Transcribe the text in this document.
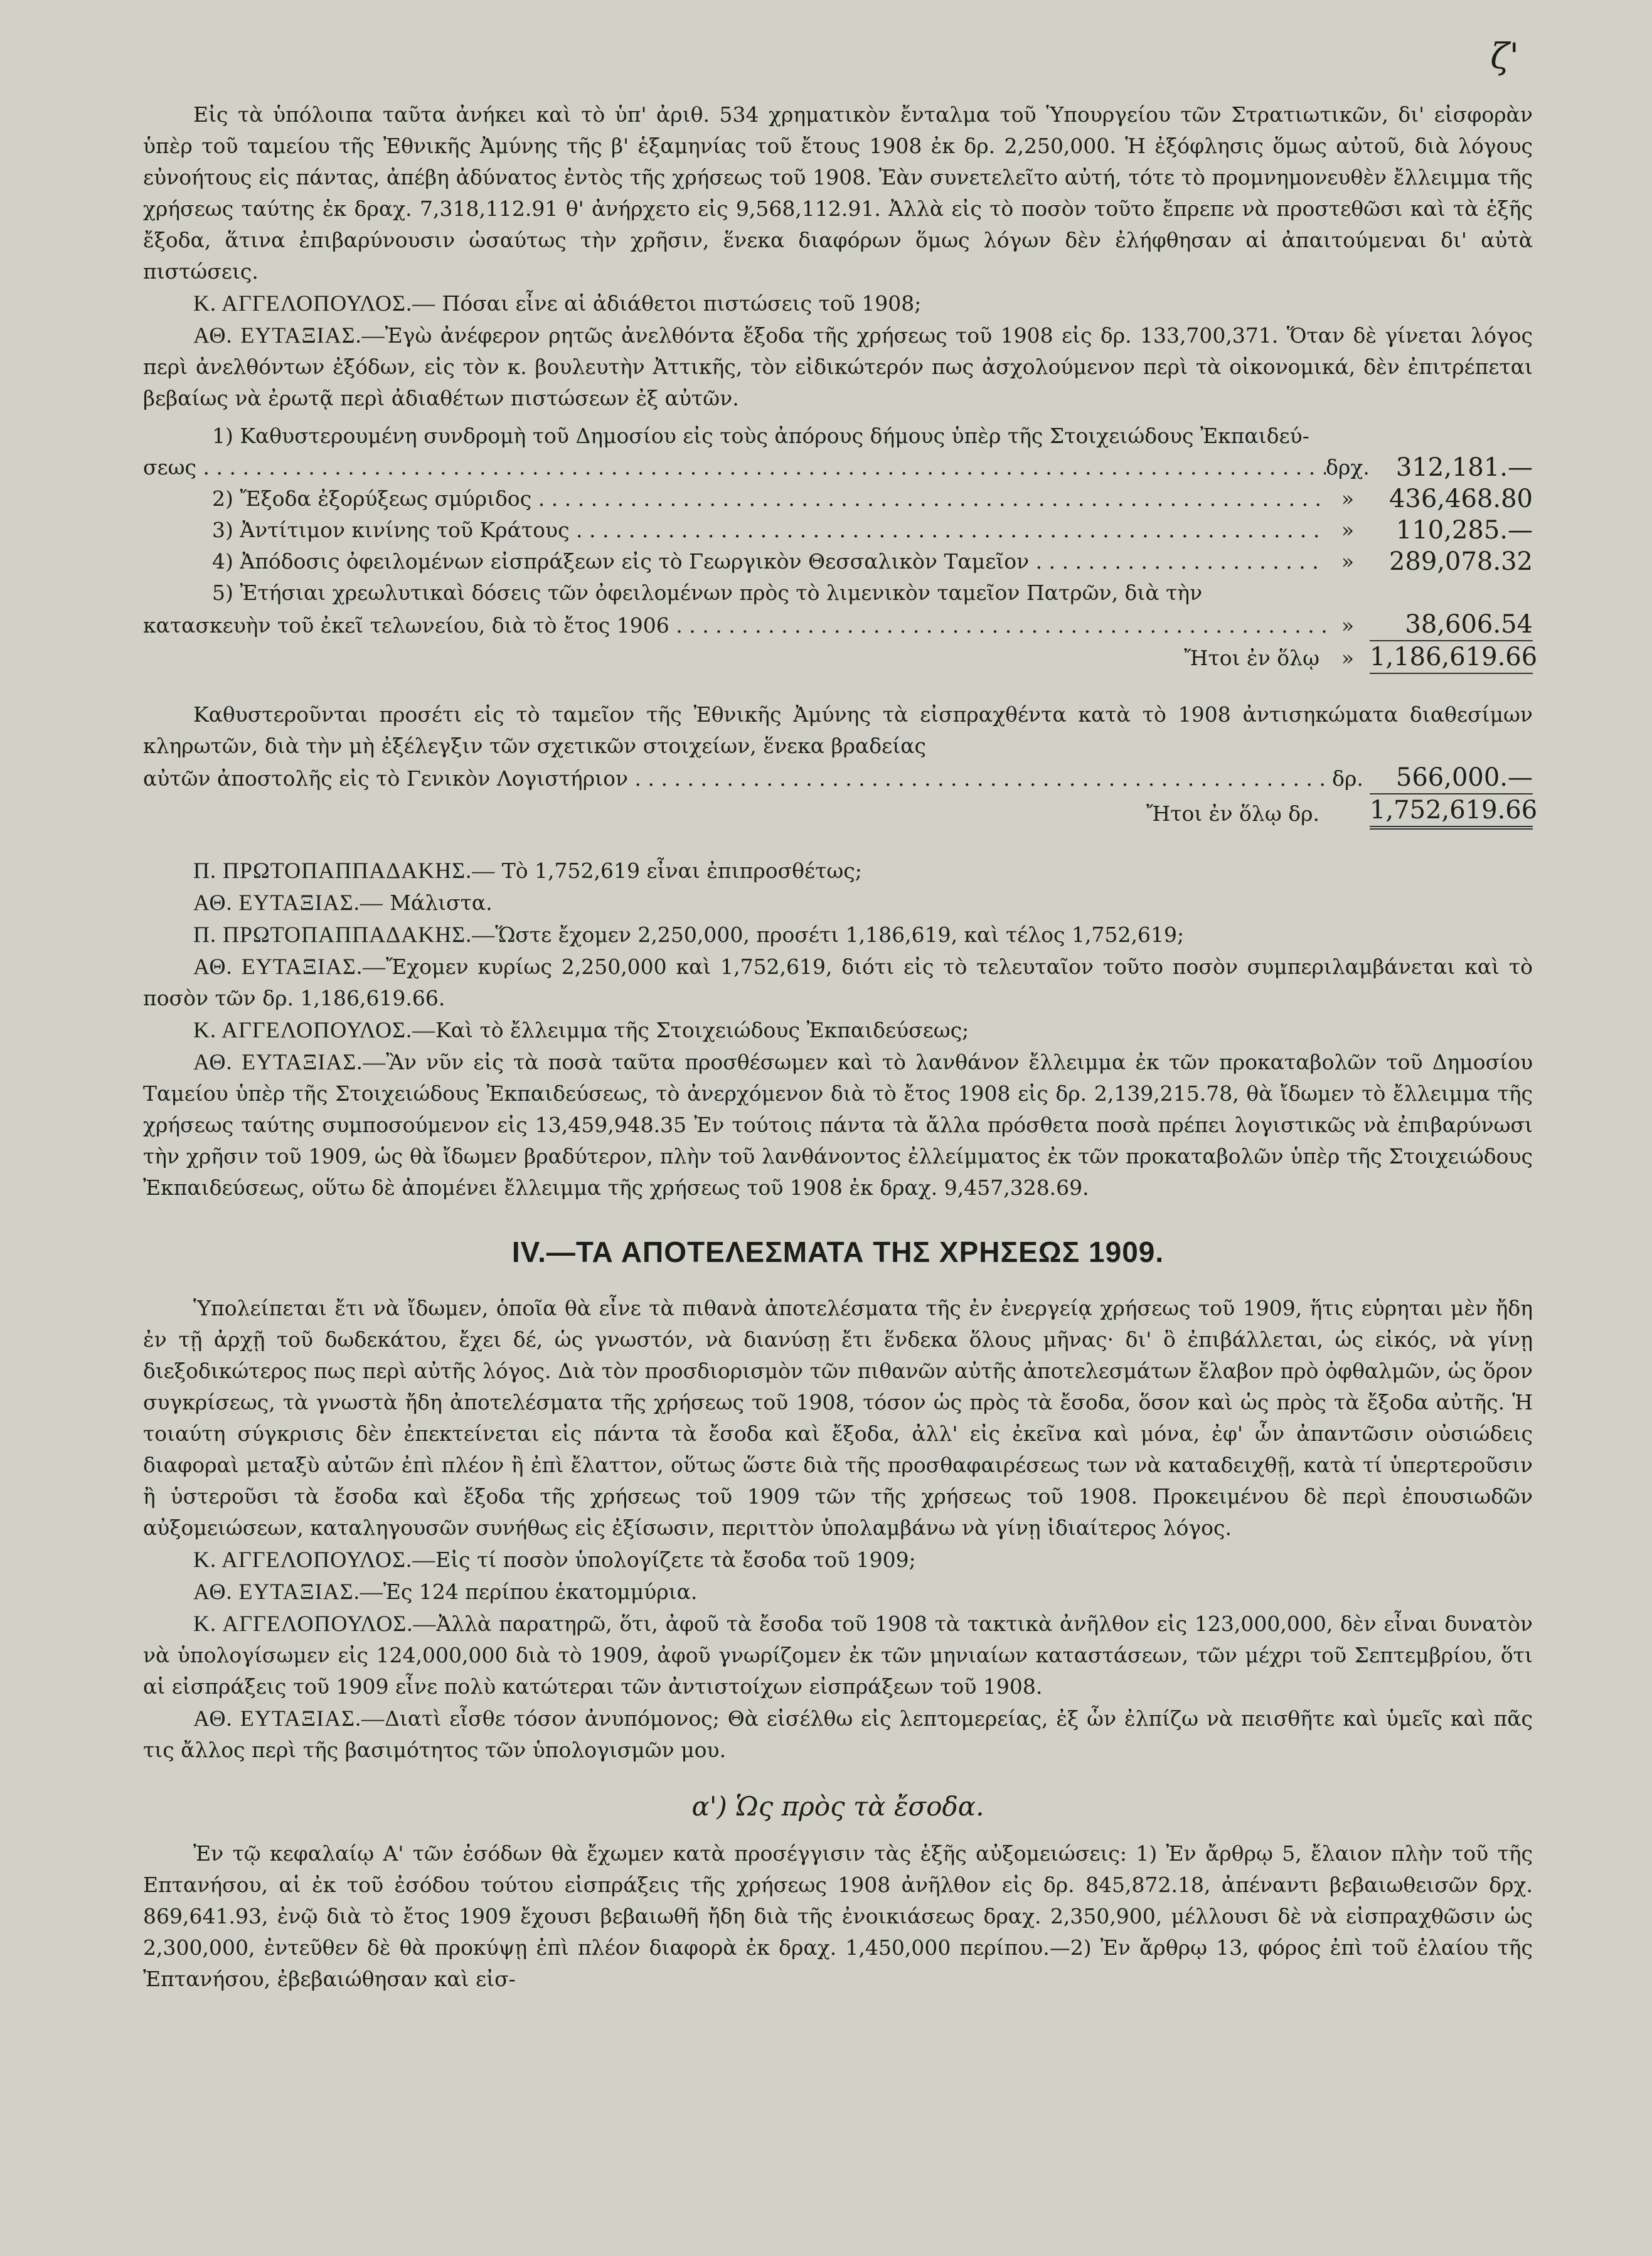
ζ'

Εἰς τὰ ὑπόλοιπα ταῦτα ἀνήκει καὶ τὸ ὑπ' ἀριθ. 534 χρηματικὸν ἔνταλμα τοῦ Ὑπουργείου τῶν Στρατιωτικῶν, δι' εἰσφορὰν ὑπὲρ τοῦ ταμείου τῆς Ἐθνικῆς Ἀμύνης τῆς β' ἑξαμηνίας τοῦ ἔτους 1908 ἐκ δρ. 2,250,000. Ἡ ἐξόφλησις ὅμως αὐτοῦ, διὰ λόγους εὐνοήτους εἰς πάντας, ἀπέβη ἀδύνατος ἐντὸς τῆς χρήσεως τοῦ 1908. Ἐὰν συνετελεῖτο αὐτή, τότε τὸ προμνημονευθὲν ἔλλειμμα τῆς χρήσεως ταύτης ἐκ δραχ. 7,318,112.91 θ' ἀνήρχετο εἰς 9,568,112.91. Ἀλλὰ εἰς τὸ ποσὸν τοῦτο ἔπρεπε νὰ προστεθῶσι καὶ τὰ ἑξῆς ἔξοδα, ἅτινα ἐπιβαρύνουσιν ὡσαύτως τὴν χρῆσιν, ἕνεκα διαφόρων ὅμως λόγων δὲν ἐλήφθησαν αἱ ἀπαιτούμεναι δι' αὐτὰ πιστώσεις.

Κ. ΑΓΓΕΛΟΠΟΥΛΟΣ.— Πόσαι εἶνε αἱ ἀδιάθετοι πιστώσεις τοῦ 1908;

ΑΘ. ΕΥΤΑΞΙΑΣ.—Ἐγὼ ἀνέφερον ρητῶς ἀνελθόντα ἔξοδα τῆς χρήσεως τοῦ 1908 εἰς δρ. 133,700,371. Ὅταν δὲ γίνεται λόγος περὶ ἀνελθόντων ἐξόδων, εἰς τὸν κ. βουλευτὴν Ἀττικῆς, τὸν εἰδικώτερόν πως ἀσχολούμενον περὶ τὰ οἰκονομικά, δὲν ἐπιτρέπεται βεβαίως νὰ ἐρωτᾷ περὶ ἀδιαθέτων πιστώσεων ἐξ αὐτῶν.

1) Καθυστερουμένη συνδρομὴ τοῦ Δημοσίου εἰς τοὺς ἀπόρους δήμους ὑπὲρ τῆς Στοιχειώδους Ἐκπαιδεύ-
σεως . . .	δρχ.	312,181.—
2) Ἔξοδα ἐξορύξεως σμύριδος . . .	»	436,468.80
3) Ἀντίτιμον κινίνης τοῦ Κράτους . . .	»	110,285.—
4) Ἀπόδοσις ὀφειλομένων εἰσπράξεων εἰς τὸ Γεωργικὸν Θεσσαλικὸν Ταμεῖον . . .	»	289,078.32
5) Ἐτήσιαι χρεωλυτικαὶ δόσεις τῶν ὀφειλομένων πρὸς τὸ λιμενικὸν ταμεῖον Πατρῶν, διὰ τὴν
κατασκευὴν τοῦ ἐκεῖ τελωνείου, διὰ τὸ ἔτος 1906 . . .	»	38,606.54
Ἤτοι ἐν ὅλῳ	» 1,186,619.66

Καθυστεροῦνται προσέτι εἰς τὸ ταμεῖον τῆς Ἐθνικῆς Ἀμύνης τὰ εἰσπραχθέντα κατὰ τὸ 1908 ἀντισηκώματα διαθεσίμων κληρωτῶν, διὰ τὴν μὴ ἐξέλεγξιν τῶν σχετικῶν στοιχείων, ἕνεκα βραδείας

αὐτῶν ἀποστολῆς εἰς τὸ Γενικὸν Λογιστήριον . . .	δρ.	566,000.—
Ἤτοι ἐν ὅλῳ δρ. 1,752,619.66

Π. ΠΡΩΤΟΠΑΠΠΑΔΑΚΗΣ.— Τὸ 1,752,619 εἶναι ἐπιπροσθέτως;

ΑΘ. ΕΥΤΑΞΙΑΣ.— Μάλιστα.

Π. ΠΡΩΤΟΠΑΠΠΑΔΑΚΗΣ.—Ὥστε ἔχομεν 2,250,000, προσέτι 1,186,619, καὶ τέλος 1,752,619;

ΑΘ. ΕΥΤΑΞΙΑΣ.—Ἔχομεν κυρίως 2,250,000 καὶ 1,752,619, διότι εἰς τὸ τελευταῖον τοῦτο ποσὸν συμπεριλαμβάνεται καὶ τὸ ποσὸν τῶν δρ. 1,186,619.66.

Κ. ΑΓΓΕΛΟΠΟΥΛΟΣ.—Καὶ τὸ ἔλλειμμα τῆς Στοιχειώδους Ἐκπαιδεύσεως;

ΑΘ. ΕΥΤΑΞΙΑΣ.—Ἂν νῦν εἰς τὰ ποσὰ ταῦτα προσθέσωμεν καὶ τὸ λανθάνον ἔλλειμμα ἐκ τῶν προκαταβολῶν τοῦ Δημοσίου Ταμείου ὑπὲρ τῆς Στοιχειώδους Ἐκπαιδεύσεως, τὸ ἀνερχόμενον διὰ τὸ ἔτος 1908 εἰς δρ. 2,139,215.78, θὰ ἴδωμεν τὸ ἔλλειμμα τῆς χρήσεως ταύτης συμποσούμενον εἰς 13,459,948.35 Ἐν τούτοις πάντα τὰ ἄλλα πρόσθετα ποσὰ πρέπει λογιστικῶς νὰ ἐπιβαρύνωσι τὴν χρῆσιν τοῦ 1909, ὡς θὰ ἴδωμεν βραδύτερον, πλὴν τοῦ λανθάνοντος ἐλλείμματος ἐκ τῶν προκαταβολῶν ὑπὲρ τῆς Στοιχειώδους Ἐκπαιδεύσεως, οὕτω δὲ ἀπομένει ἔλλειμμα τῆς χρήσεως τοῦ 1908 ἐκ δραχ. 9,457,328.69.

IV.—ΤΑ ΑΠΟΤΕΛΕΣΜΑΤΑ ΤΗΣ ΧΡΗΣΕΩΣ 1909.

Ὑπολείπεται ἔτι νὰ ἴδωμεν, ὁποῖα θὰ εἶνε τὰ πιθανὰ ἀποτελέσματα τῆς ἐν ἐνεργείᾳ χρήσεως τοῦ 1909, ἥτις εὑρηται μὲν ἤδη ἐν τῇ ἀρχῇ τοῦ δωδεκάτου, ἔχει δέ, ὡς γνωστόν, νὰ διανύσῃ ἔτι ἕνδεκα ὅλους μῆνας· δι' ὃ ἐπιβάλλεται, ὡς εἰκός, νὰ γίνῃ διεξοδικώτερος πως περὶ αὐτῆς λόγος. Διὰ τὸν προσδιορισμὸν τῶν πιθανῶν αὐτῆς ἀποτελεσμάτων ἔλαβον πρὸ ὀφθαλμῶν, ὡς ὅρον συγκρίσεως, τὰ γνωστὰ ἤδη ἀποτελέσματα τῆς χρήσεως τοῦ 1908, τόσον ὡς πρὸς τὰ ἔσοδα, ὅσον καὶ ὡς πρὸς τὰ ἔξοδα αὐτῆς. Ἡ τοιαύτη σύγκρισις δὲν ἐπεκτείνεται εἰς πάντα τὰ ἔσοδα καὶ ἔξοδα, ἀλλ' εἰς ἐκεῖνα καὶ μόνα, ἐφ' ὧν ἀπαντῶσιν οὐσιώδεις διαφοραὶ μεταξὺ αὐτῶν ἐπὶ πλέον ἢ ἐπὶ ἔλαττον, οὕτως ὥστε διὰ τῆς προσθαφαιρέσεως των νὰ καταδειχθῇ, κατὰ τί ὑπερτεροῦσιν ἢ ὑστεροῦσι τὰ ἔσοδα καὶ ἔξοδα τῆς χρήσεως τοῦ 1909 τῶν τῆς χρήσεως τοῦ 1908. Προκειμένου δὲ περὶ ἐπουσιωδῶν αὐξομειώσεων, καταληγουσῶν συνήθως εἰς ἐξίσωσιν, περιττὸν ὑπολαμβάνω νὰ γίνῃ ἰδιαίτερος λόγος.

Κ. ΑΓΓΕΛΟΠΟΥΛΟΣ.—Εἰς τί ποσὸν ὑπολογίζετε τὰ ἔσοδα τοῦ 1909;

ΑΘ. ΕΥΤΑΞΙΑΣ.—Ἐς 124 περίπου ἑκατομμύρια.

Κ. ΑΓΓΕΛΟΠΟΥΛΟΣ.—Ἀλλὰ παρατηρῶ, ὅτι, ἀφοῦ τὰ ἔσοδα τοῦ 1908 τὰ τακτικὰ ἀνῆλθον εἰς 123,000,000, δὲν εἶναι δυνατὸν νὰ ὑπολογίσωμεν εἰς 124,000,000 διὰ τὸ 1909, ἀφοῦ γνωρίζομεν ἐκ τῶν μηνιαίων καταστάσεων, τῶν μέχρι τοῦ Σεπτεμβρίου, ὅτι αἱ εἰσπράξεις τοῦ 1909 εἶνε πολὺ κατώτεραι τῶν ἀντιστοίχων εἰσπράξεων τοῦ 1908.

ΑΘ. ΕΥΤΑΞΙΑΣ.—Διατὶ εἶσθε τόσον ἀνυπόμονος; Θὰ εἰσέλθω εἰς λεπτομερείας, ἐξ ὧν ἐλπίζω νὰ πεισθῆτε καὶ ὑμεῖς καὶ πᾶς τις ἄλλος περὶ τῆς βασιμότητος τῶν ὑπολογισμῶν μου.

α') Ὡς πρὸς τὰ ἔσοδα.

Ἐν τῷ κεφαλαίῳ Α' τῶν ἐσόδων θὰ ἔχωμεν κατὰ προσέγγισιν τὰς ἑξῆς αὐξομειώσεις: 1) Ἐν ἄρθρῳ 5, ἔλαιον πλὴν τοῦ τῆς Επτανήσου, αἱ ἐκ τοῦ ἐσόδου τούτου εἰσπράξεις τῆς χρήσεως 1908 ἀνῆλθον εἰς δρ. 845,872.18, ἀπέναντι βεβαιωθεισῶν δρχ. 869,641.93, ἐνῷ διὰ τὸ ἔτος 1909 ἔχουσι βεβαιωθῆ ἤδη διὰ τῆς ἐνοικιάσεως δραχ. 2,350,900, μέλλουσι δὲ νὰ εἰσπραχθῶσιν ὡς 2,300,000, ἐντεῦθεν δὲ θὰ προκύψῃ ἐπὶ πλέον διαφορὰ ἐκ δραχ. 1,450,000 περίπου.—2) Ἐν ἄρθρῳ 13, φόρος ἐπὶ τοῦ ἐλαίου τῆς Ἐπτανήσου, ἐβεβαιώθησαν καὶ εἰσ-
